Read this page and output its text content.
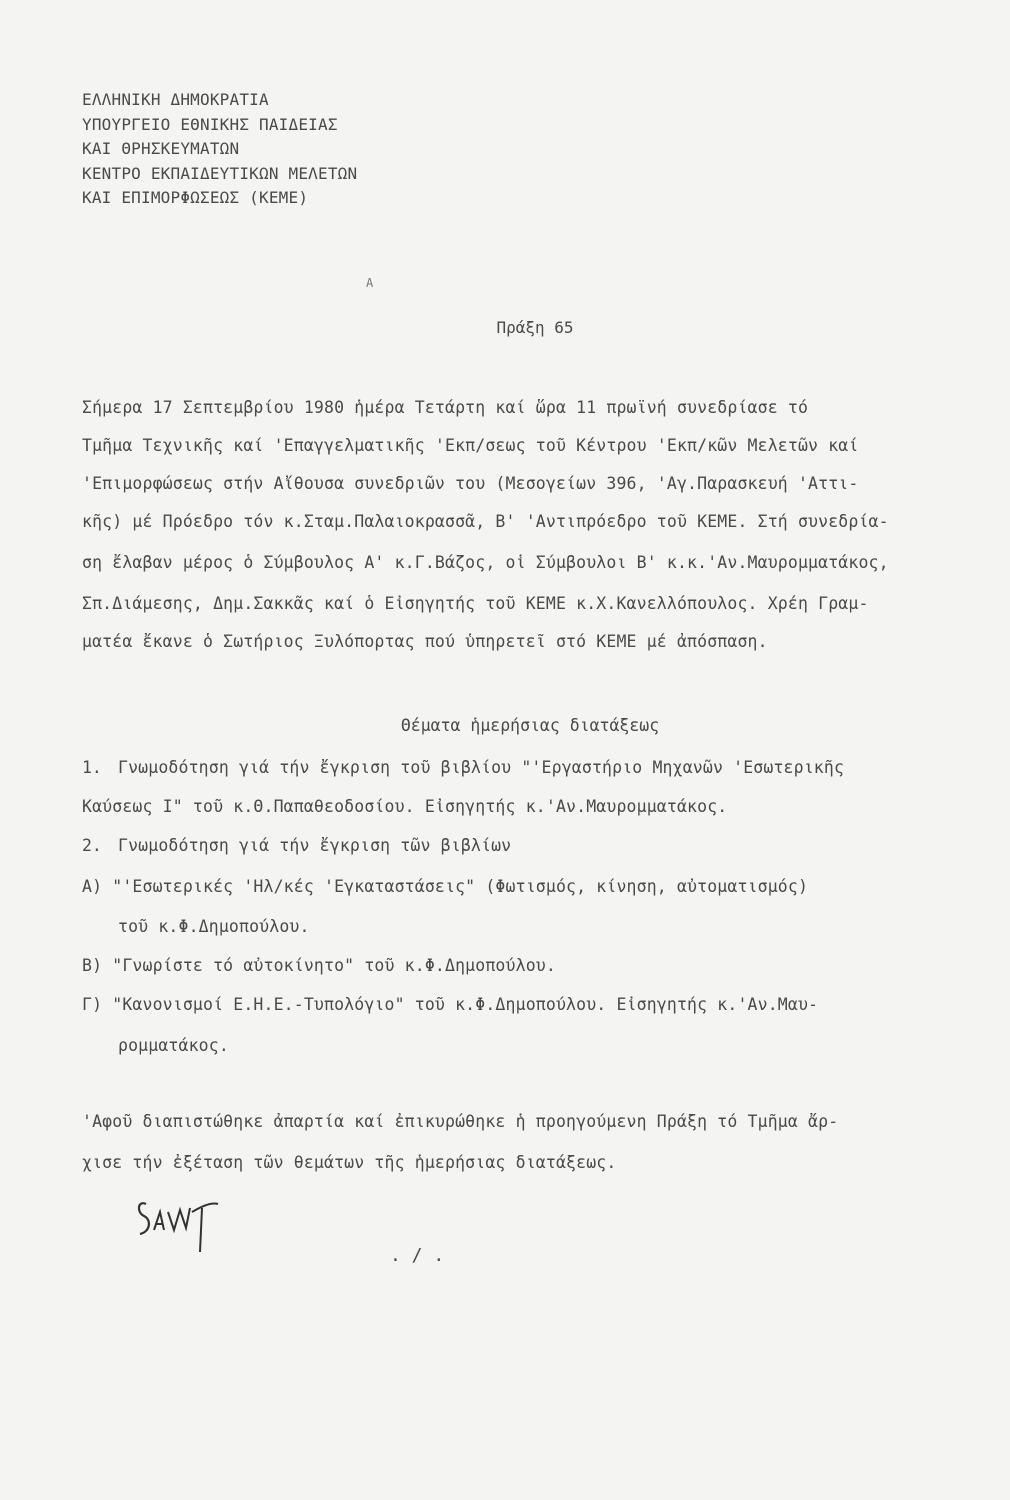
ΕΛΛΗΝΙΚΗ ΔΗΜΟΚΡΑΤΙΑ
ΥΠΟΥΡΓΕΙΟ ΕΘΝΙΚΗΣ ΠΑΙΔΕΙΑΣ
ΚΑΙ ΘΡΗΣΚΕΥΜΑΤΩΝ
ΚΕΝΤΡΟ ΕΚΠΑΙΔΕΥΤΙΚΩΝ ΜΕΛΕΤΩΝ
ΚΑΙ ΕΠΙΜΟΡΦΩΣΕΩΣ (ΚΕΜΕ)
A
Πράξη 65
Σήμερα 17 Σεπτεμβρίου 1980 ἡμέρα Τετάρτη καί ὥρα 11 πρωϊνή συνεδρίασε τό
Τμῆμα Τεχνικῆς καί 'Επαγγελματικῆς 'Εκπ/σεως τοῦ Κέντρου 'Εκπ/κῶν Μελετῶν καί
'Επιμορφώσεως στήν Αἴθουσα συνεδριῶν του (Μεσογείων 396, 'Αγ.Παρασκευή 'Αττι-
κῆς) μέ Πρόεδρο τόν κ.Σταμ.Παλαιοκρασσᾶ, Β' 'Αντιπρόεδρο τοῦ ΚΕΜΕ. Στή συνεδρία-
ση ἔλαβαν μέρος ὁ Σύμβουλος Α' κ.Γ.Βάζος, οἱ Σύμβουλοι Β' κ.κ.'Αν.Μαυρομματάκος,
Σπ.Διάμεσης, Δημ.Σακκᾶς καί ὁ Εἰσηγητής τοῦ ΚΕΜΕ κ.Χ.Κανελλόπουλος. Χρέη Γραμ-
ματέα ἔκανε ὁ Σωτήριος Ξυλόπορτας πού ὑπηρετεῖ στό ΚΕΜΕ μέ ἀπόσπαση.
Θέματα ἡμερήσιας διατάξεως
1. Γνωμοδότηση γιά τήν ἔγκριση τοῦ βιβλίου "'Εργαστήριο Μηχανῶν 'Εσωτερικῆς
Καύσεως Ι" τοῦ κ.Θ.Παπαθεοδοσίου. Εἰσηγητής κ.'Αν.Μαυρομματάκος.
2. Γνωμοδότηση γιά τήν ἔγκριση τῶν βιβλίων
Α) "'Εσωτερικές 'Ηλ/κές 'Εγκαταστάσεις" (Φωτισμός, κίνηση, αὐτοματισμός)
τοῦ κ.Φ.Δημοπούλου.
Β) "Γνωρίστε τό αὐτοκίνητο" τοῦ κ.Φ.Δημοπούλου.
Γ) "Κανονισμοί Ε.Η.Ε.-Τυπολόγιο" τοῦ κ.Φ.Δημοπούλου. Εἰσηγητής κ.'Αν.Μαυ-
ρομματάκος.
'Αφοῦ διαπιστώθηκε ἀπαρτία καί ἐπικυρώθηκε ἡ προηγούμενη Πράξη τό Τμῆμα ἄρ-
χισε τήν ἐξέταση τῶν θεμάτων τῆς ἡμερήσιας διατάξεως.
. / .
